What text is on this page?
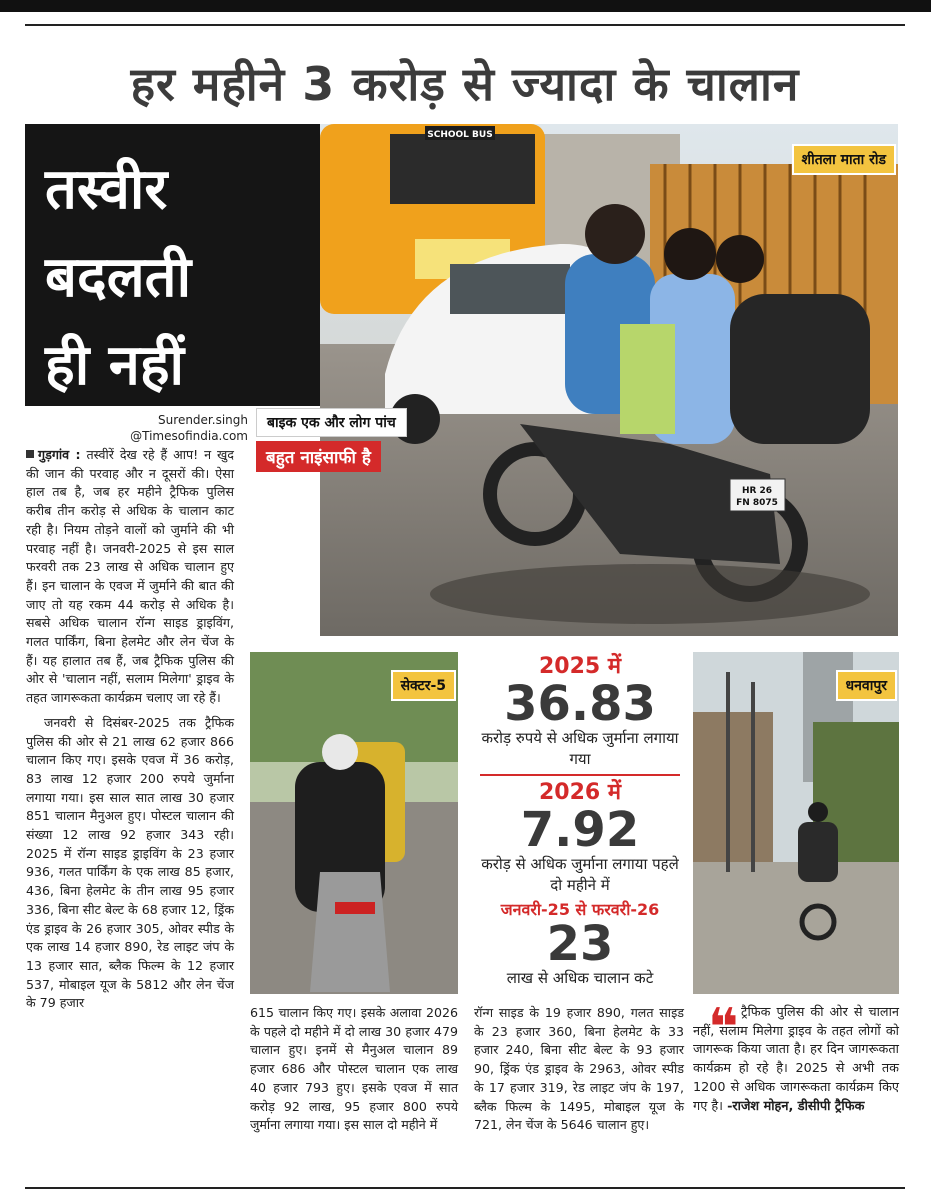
हर महीने 3 करोड़ से ज्यादा के चालान
तस्वीर
बदलती
ही नहीं
Surender.singh
@Timesofindia.com
SCHOOL BUS
HR 26
FN 8075
शीतला माता रोड
बाइक एक और लोग पांच बहुत नाइंसाफी है
सेक्टर-5	धनवापुर
2025 में
36.83
करोड़ रुपये से अधिक जुर्माना लगाया गया
2026 में
7.92
करोड़ से अधिक जुर्माना लगाया पहले दो महीने में
जनवरी-25 से फरवरी-26
23
लाख से अधिक चालान कटे

गुड़गांव : तस्वीरें देख रहे हैं आप! न खुद की जान की परवाह और न दूसरों की। ऐसा हाल तब है, जब हर महीने ट्रैफिक पुलिस करीब तीन करोड़ से अधिक के चालान काट रही है। नियम तोड़ने वालों को जुर्माने की भी परवाह नहीं है। जनवरी-2025 से इस साल फरवरी तक 23 लाख से अधिक चालान हुए हैं। इन चालान के एवज में जुर्माने की बात की जाए तो यह रकम 44 करोड़ से अधिक है। सबसे अधिक चालान रॉन्ग साइड ड्राइविंग, गलत पार्किंग, बिना हेलमेट और लेन चेंज के हैं। यह हालात तब हैं, जब ट्रैफिक पुलिस की ओर से 'चालान नहीं, सलाम मिलेगा' ड्राइव के तहत जागरूकता कार्यक्रम चलाए जा रहे हैं।

जनवरी से दिसंबर-2025 तक ट्रैफिक पुलिस की ओर से 21 लाख 62 हजार 866 चालान किए गए। इसके एवज में 36 करोड़, 83 लाख 12 हजार 200 रुपये जुर्माना लगाया गया। इस साल सात लाख 30 हजार 851 चालान मैनुअल हुए। पोस्टल चालान की संख्या 12 लाख 92 हजार 343 रही। 2025 में रॉन्ग साइड ड्राइविंग के 23 हजार 936, गलत पार्किंग के एक लाख 85 हजार, 436, बिना हेलमेट के तीन लाख 95 हजार 336, बिना सीट बेल्ट के 68 हजार 12, ड्रिंक एंड ड्राइव के 26 हजार 305, ओवर स्पीड के एक लाख 14 हजार 890, रेड लाइट जंप के 13 हजार सात, ब्लैक फिल्म के 12 हजार 537, मोबाइल यूज के 5812 और लेन चेंज के 79 हजार

615 चालान किए गए। इसके अलावा 2026 के पहले दो महीने में दो लाख 30 हजार 479 चालान हुए। इनमें से मैनुअल चालान 89 हजार 686 और पोस्टल चालान एक लाख 40 हजार 793 हुए। इसके एवज में सात करोड़ 92 लाख, 95 हजार 800 रुपये जुर्माना लगाया गया। इस साल दो महीने में

रॉन्ग साइड के 19 हजार 890, गलत साइड के 23 हजार 360, बिना हेलमेट के 33 हजार 240, बिना सीट बेल्ट के 93 हजार 90, ड्रिंक एंड ड्राइव के 2963, ओवर स्पीड के 17 हजार 319, रेड लाइट जंप के 197, ब्लैक फिल्म के 1495, मोबाइल यूज के 721, लेन चेंज के 5646 चालान हुए।

❝ ट्रैफिक पुलिस की ओर से चालान नहीं, सलाम मिलेगा ड्राइव के तहत लोगों को जागरूक किया जाता है। हर दिन जागरूकता कार्यक्रम हो रहे है। 2025 से अभी तक 1200 से अधिक जागरूकता कार्यक्रम किए गए है। -राजेश मोहन, डीसीपी ट्रैफिक
